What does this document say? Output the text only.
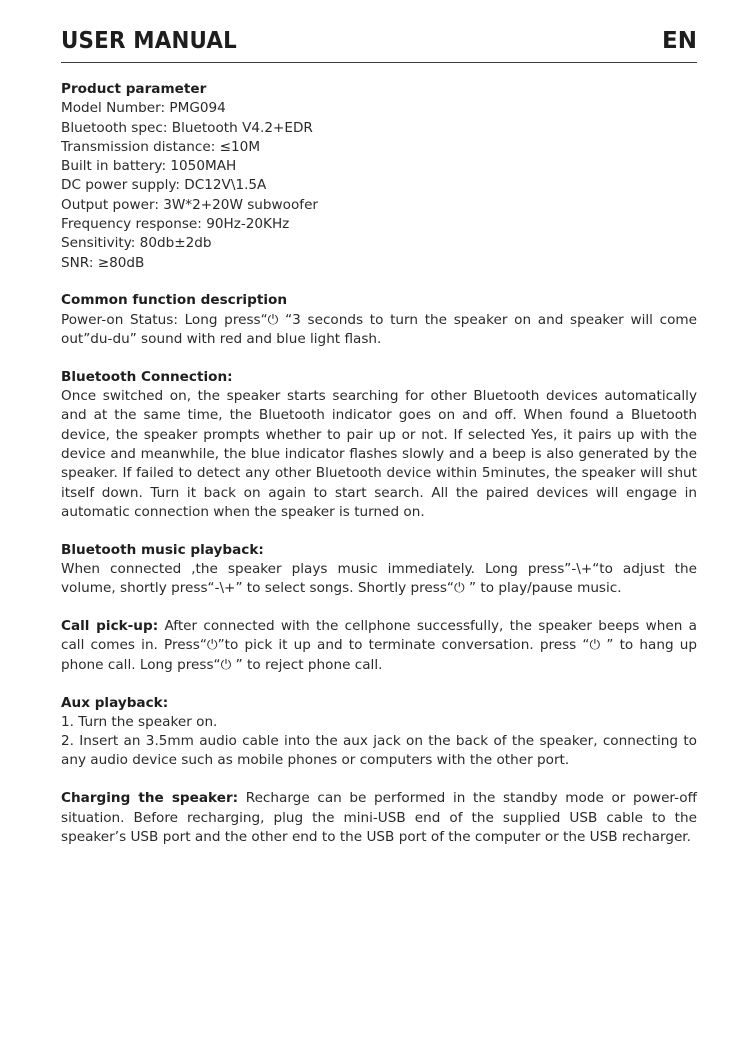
USER MANUAL	EN

Product parameter

Model Number: PMG094

Bluetooth spec: Bluetooth V4.2+EDR

Transmission distance: ≤10M

Built in battery: 1050MAH

DC power supply: DC12V\1.5A

Output power: 3W*2+20W subwoofer

Frequency response: 90Hz-20KHz

Sensitivity: 80db±2db

SNR: ≥80dB

Common function description

Power-on Status: Long press“⏻ “3 seconds to turn the speaker on and speaker will come out”du-du” sound with red and blue light flash.

Bluetooth Connection:

Once switched on, the speaker starts searching for other Bluetooth devices automatically and at the same time, the Bluetooth indicator goes on and off. When found a Bluetooth device, the speaker prompts whether to pair up or not. If selected Yes, it pairs up with the device and meanwhile, the blue indicator flashes slowly and a beep is also generated by the speaker. If failed to detect any other Bluetooth device within 5minutes, the speaker will shut itself down. Turn it back on again to start search. All the paired devices will engage in automatic connection when the speaker is turned on.

Bluetooth music playback:

When connected ,the speaker plays music immediately. Long press”-\+“to adjust the volume, shortly press“-\+” to select songs. Shortly press“⏻ ” to play/pause music.

Call pick-up: After connected with the cellphone successfully, the speaker beeps when a call comes in. Press“⏻”to pick it up and to terminate conversation. press “⏻ ” to hang up phone call. Long press“⏻ ” to reject phone call.

Aux playback:

1. Turn the speaker on.

2. Insert an 3.5mm audio cable into the aux jack on the back of the speaker, connecting to any audio device such as mobile phones or computers with the other port.

Charging the speaker: Recharge can be performed in the standby mode or power-off situation. Before recharging, plug the mini-USB end of the supplied USB cable to the speaker’s USB port and the other end to the USB port of the computer or the USB recharger.
